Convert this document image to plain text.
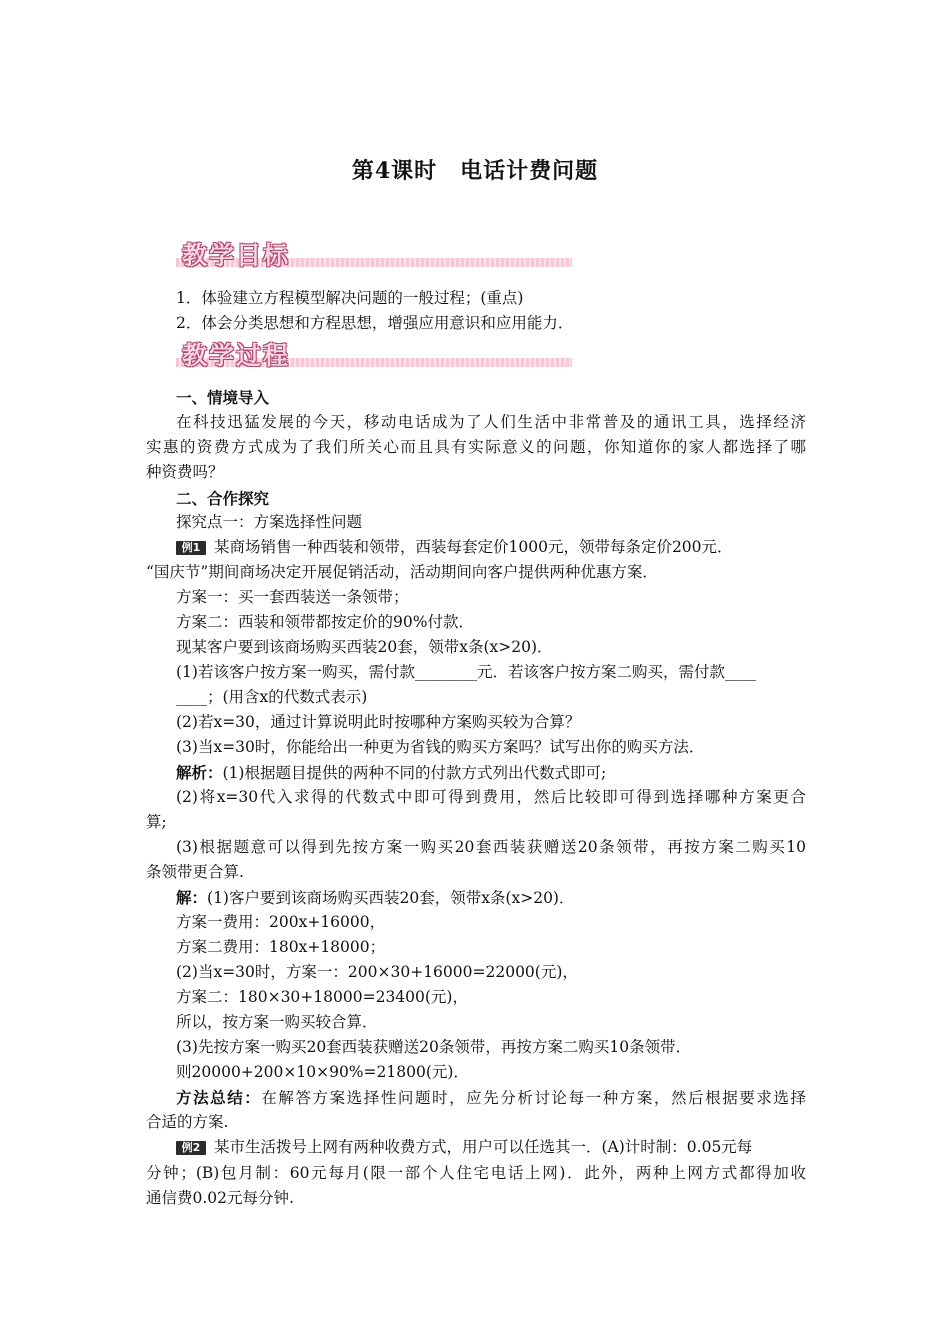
第4课时　电话计费问题
教学目标
1．体验建立方程模型解决问题的一般过程；(重点)
2．体会分类思想和方程思想，增强应用意识和应用能力．
教学过程
一、情境导入
在科技迅猛发展的今天，移动电话成为了人们生活中非常普及的通讯工具，选择经济
实惠的资费方式成为了我们所关心而且具有实际意义的问题，你知道你的家人都选择了哪
种资费吗？
二、合作探究
探究点一：方案选择性问题
例1 某商场销售一种西装和领带，西装每套定价1000元，领带每条定价200元．
“国庆节”期间商场决定开展促销活动，活动期间向客户提供两种优惠方案．
方案一：买一套西装送一条领带；
方案二：西装和领带都按定价的90%付款．
现某客户要到该商场购买西装20套，领带x条(x>20)．
(1)若该客户按方案一购买，需付款________元．若该客户按方案二购买，需付款____
____；(用含x的代数式表示)
(2)若x=30，通过计算说明此时按哪种方案购买较为合算？
(3)当x=30时，你能给出一种更为省钱的购买方案吗？试写出你的购买方法．
解析：(1)根据题目提供的两种不同的付款方式列出代数式即可;
(2)将x=30代入求得的代数式中即可得到费用，然后比较即可得到选择哪种方案更合
算;
(3)根据题意可以得到先按方案一购买20套西装获赠送20条领带，再按方案二购买10
条领带更合算.
解：(1)客户要到该商场购买西装20套，领带x条(x>20)．
方案一费用：200x+16000，
方案二费用：180x+18000；
(2)当x=30时，方案一：200×30+16000=22000(元)，
方案二：180×30+18000=23400(元)，
所以，按方案一购买较合算．
(3)先按方案一购买20套西装获赠送20条领带，再按方案二购买10条领带．
则20000+200×10×90%=21800(元)．
方法总结：在解答方案选择性问题时，应先分析讨论每一种方案，然后根据要求选择
合适的方案.
例2 某市生活拨号上网有两种收费方式，用户可以任选其一．(A)计时制：0.05元每
分钟；(B)包月制：60元每月(限一部个人住宅电话上网)．此外，两种上网方式都得加收
通信费0.02元每分钟.
